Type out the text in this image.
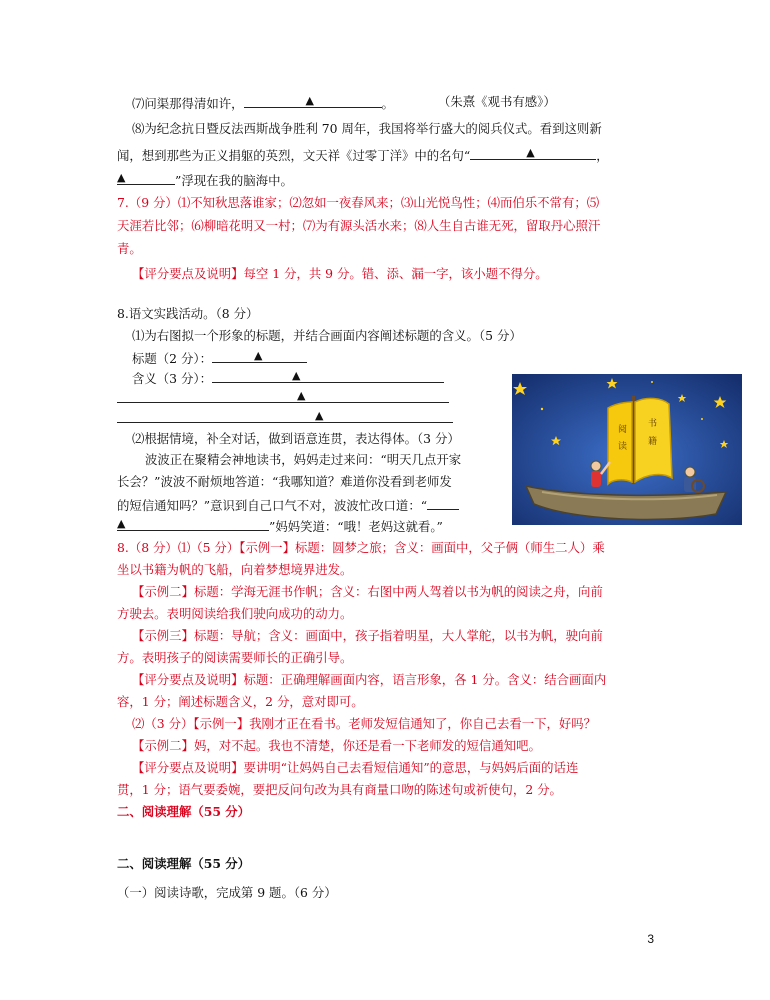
⑺问渠那得清如许，	▲	。	（朱熹《观书有感》）
⑻为纪念抗日暨反法西斯战争胜利 70 周年，我国将举行盛大的阅兵仪式。看到这则新
闻，想到那些为正义捐躯的英烈，文天祥《过零丁洋》中的名句“	▲	，
▲	”浮现在我的脑海中。
7.（9 分）⑴不知秋思落谁家；⑵忽如一夜春风来；⑶山光悦鸟性；⑷而伯乐不常有；⑸
天涯若比邻；⑹柳暗花明又一村；⑺为有源头活水来；⑻人生自古谁无死，留取丹心照汗
青。
【评分要点及说明】每空 1 分，共 9 分。错、添、漏一字，该小题不得分。
8.语文实践活动。（8 分）
⑴为右图拟一个形象的标题，并结合画面内容阐述标题的含义。（5 分）
标题（2 分）：	▲
含义（3 分）：	▲
▲
▲
⑵根据情境，补全对话，做到语意连贯，表达得体。（3 分）
波波正在聚精会神地读书，妈妈走过来问：“明天几点开家
长会？”波波不耐烦地答道：“我哪知道？难道你没看到老师发
的短信通知吗？”意识到自己口气不对，波波忙改口道：“
▲	”妈妈笑道：“哦！老妈这就看。”
阅
读
书
籍
8.（8 分）⑴（5 分）【示例一】标题：圆梦之旅；含义：画面中，父子俩（师生二人）乘
坐以书籍为帆的飞船，向着梦想境界进发。
【示例二】标题：学海无涯书作帆；含义：右图中两人驾着以书为帆的阅读之舟，向前
方驶去。表明阅读给我们驶向成功的动力。
【示例三】标题：导航；含义：画面中，孩子指着明星，大人掌舵，以书为帆，驶向前
方。表明孩子的阅读需要师长的正确引导。
【评分要点及说明】标题：正确理解画面内容，语言形象，各 1 分。含义：结合画面内
容，1 分；阐述标题含义，2 分，意对即可。
⑵（3 分）【示例一】我刚才正在看书。老师发短信通知了，你自己去看一下，好吗？
【示例二】妈，对不起。我也不清楚，你还是看一下老师发的短信通知吧。
【评分要点及说明】要讲明“让妈妈自己去看短信通知”的意思，与妈妈后面的话连
贯，1 分；语气要委婉，要把反问句改为具有商量口吻的陈述句或祈使句，2 分。
二、阅读理解（55 分）
二、阅读理解（55 分）
（一）阅读诗歌，完成第 9 题。（6 分）
3
